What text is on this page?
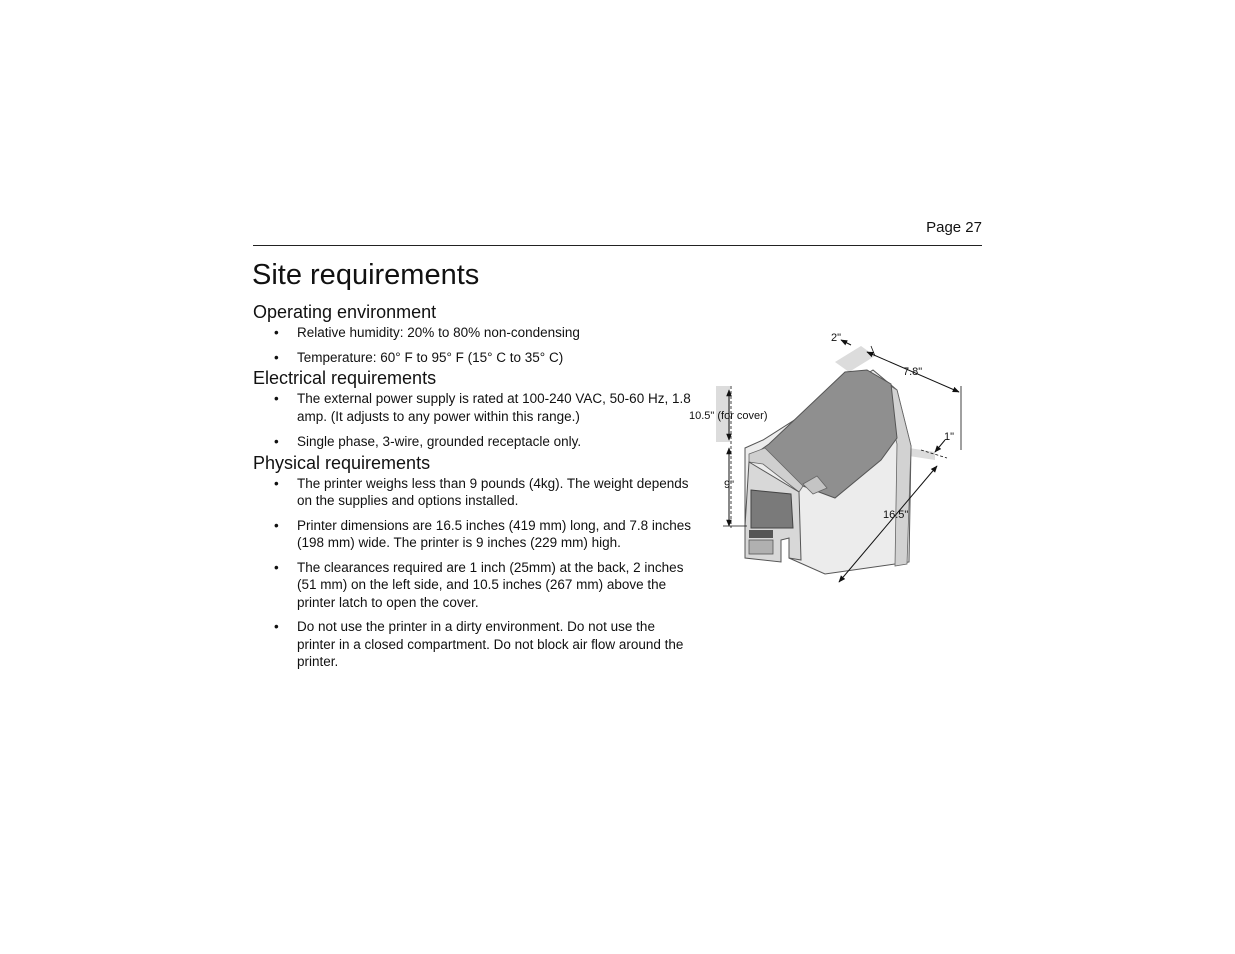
Page 27
Site requirements
Operating environment
• Relative humidity: 20% to 80% non-condensing
• Temperature: 60° F to 95° F (15° C to 35° C)
Electrical requirements
• The external power supply is rated at 100-240 VAC, 50-60 Hz, 1.8 amp. (It adjusts to any power within this range.)
• Single phase, 3-wire, grounded receptacle only.
Physical requirements
• The printer weighs less than 9 pounds (4kg). The weight depends on the supplies and options installed.
• Printer dimensions are 16.5 inches (419 mm) long, and 7.8 inches (198 mm) wide. The printer is 9 inches (229 mm) high.
• The clearances required are 1 inch (25mm) at the back, 2 inches (51 mm) on the left side, and 10.5 inches (267 mm) above the printer latch to open the cover.
• Do not use the printer in a dirty environment. Do not use the printer in a closed compartment. Do not block air flow around the printer.
2"
7.8"
10.5" (for cover)
1"
9"
16.5"
